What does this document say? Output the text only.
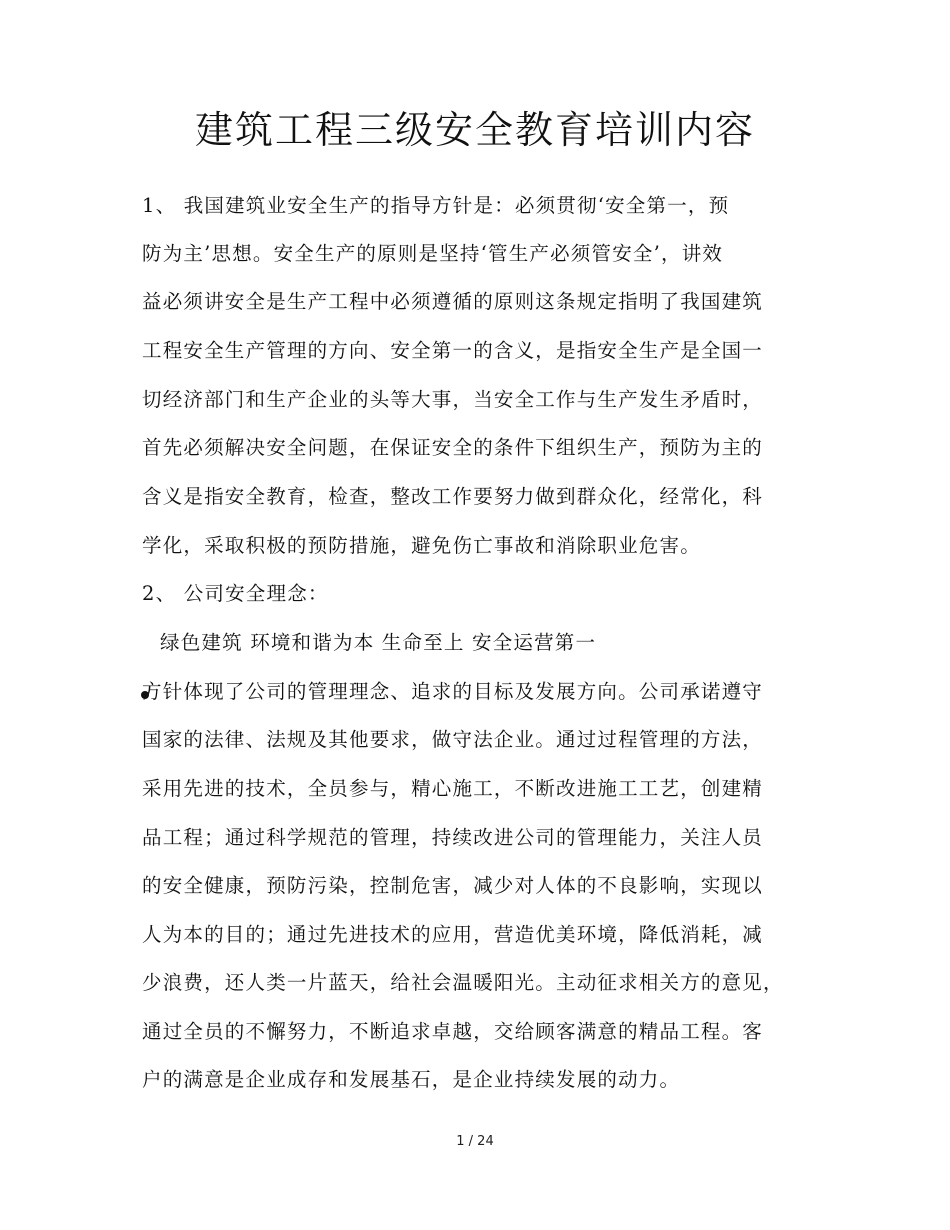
建筑工程三级安全教育培训内容
1、 我国建筑业安全生产的指导方针是：必须贯彻‘安全第一，预
防为主’思想。安全生产的原则是坚持‘管生产必须管安全’，讲效
益必须讲安全是生产工程中必须遵循的原则这条规定指明了我国建筑
工程安全生产管理的方向、安全第一的含义，是指安全生产是全国一
切经济部门和生产企业的头等大事，当安全工作与生产发生矛盾时，
首先必须解决安全问题，在保证安全的条件下组织生产，预防为主的
含义是指安全教育，检查，整改工作要努力做到群众化，经常化，科
学化，采取积极的预防措施，避免伤亡事故和消除职业危害。
2、 公司安全理念：
绿色建筑 环境和谐为本 生命至上 安全运营第一
方针体现了公司的管理理念、追求的目标及发展方向。公司承诺遵守
国家的法律、法规及其他要求，做守法企业。通过过程管理的方法，
采用先进的技术，全员参与，精心施工，不断改进施工工艺，创建精
品工程；通过科学规范的管理，持续改进公司的管理能力，关注人员
的安全健康，预防污染，控制危害，减少对人体的不良影响，实现以
人为本的目的；通过先进技术的应用，营造优美环境，降低消耗，减
少浪费，还人类一片蓝天，给社会温暖阳光。主动征求相关方的意见，
通过全员的不懈努力，不断追求卓越，交给顾客满意的精品工程。客
户的满意是企业成存和发展基石，是企业持续发展的动力。
1 / 24
